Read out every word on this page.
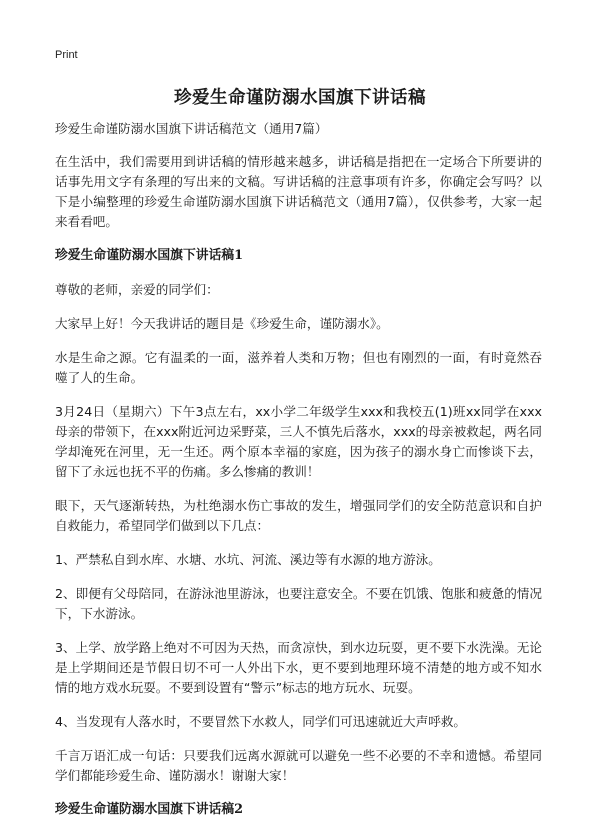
Print
珍爱生命谨防溺水国旗下讲话稿

珍爱生命谨防溺水国旗下讲话稿范文（通用7篇）

在生活中，我们需要用到讲话稿的情形越来越多，讲话稿是指把在一定场合下所要讲的话事先用文字有条理的写出来的文稿。写讲话稿的注意事项有许多，你确定会写吗？以下是小编整理的珍爱生命谨防溺水国旗下讲话稿范文（通用7篇），仅供参考，大家一起来看看吧。

珍爱生命谨防溺水国旗下讲话稿1

尊敬的老师，亲爱的同学们：

大家早上好！今天我讲话的题目是《珍爱生命，谨防溺水》。

水是生命之源。它有温柔的一面，滋养着人类和万物；但也有刚烈的一面，有时竟然吞噬了人的生命。

3月24日（星期六）下午3点左右，xx小学二年级学生xxx和我校五(1)班xx同学在xxx母亲的带领下，在xxx附近河边采野菜，三人不慎先后落水，xxx的母亲被救起，两名同学却淹死在河里，无一生还。两个原本幸福的家庭，因为孩子的溺水身亡而惨谈下去，留下了永远也抚不平的伤痛。多么惨痛的教训！

眼下，天气逐渐转热，为杜绝溺水伤亡事故的发生，增强同学们的安全防范意识和自护自救能力，希望同学们做到以下几点：

1、严禁私自到水库、水塘、水坑、河流、溪边等有水源的地方游泳。

2、即便有父母陪同，在游泳池里游泳，也要注意安全。不要在饥饿、饱胀和疲惫的情况下，下水游泳。

3、上学、放学路上绝对不可因为天热，而贪凉快，到水边玩耍，更不要下水洗澡。无论是上学期间还是节假日切不可一人外出下水，更不要到地理环境不清楚的地方或不知水情的地方戏水玩耍。不要到设置有“警示”标志的地方玩水、玩耍。

4、当发现有人落水时，不要冒然下水救人，同学们可迅速就近大声呼救。

千言万语汇成一句话：只要我们远离水源就可以避免一些不必要的不幸和遗憾。希望同学们都能珍爱生命、谨防溺水！谢谢大家！

珍爱生命谨防溺水国旗下讲话稿2
